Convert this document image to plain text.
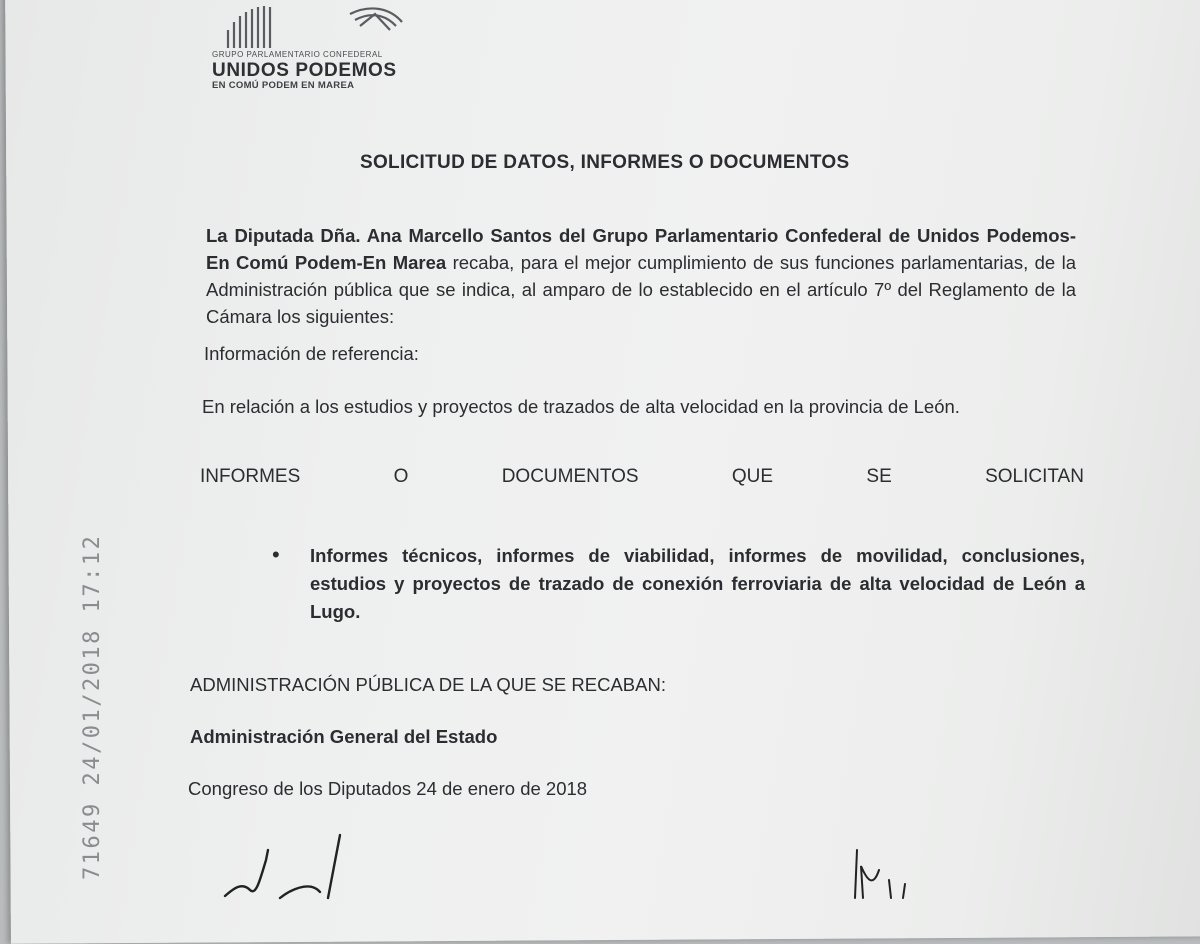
GRUPO PARLAMENTARIO CONFEDERAL
UNIDOS PODEMOS
EN COMÚ PODEM EN MAREA
SOLICITUD DE DATOS, INFORMES O DOCUMENTOS
La Diputada Dña. Ana Marcello Santos del Grupo Parlamentario Confederal de Unidos Podemos-En Comú Podem-En Marea recaba, para el mejor cumplimiento de sus funciones parlamentarias, de la Administración pública que se indica, al amparo de lo establecido en el artículo 7º del Reglamento de la Cámara los siguientes:
Información de referencia:
En relación a los estudios y proyectos de trazados de alta velocidad en la provincia de León.
INFORMES	O	DOCUMENTOS	QUE	SE	SOLICITAN
• Informes técnicos, informes de viabilidad, informes de movilidad, conclusiones, estudios y proyectos de trazado de conexión ferroviaria de alta velocidad de León a Lugo.
ADMINISTRACIÓN PÚBLICA DE LA QUE SE RECABAN:
Administración General del Estado
Congreso de los Diputados 24 de enero de 2018
71649 24/01/2018 17:12
